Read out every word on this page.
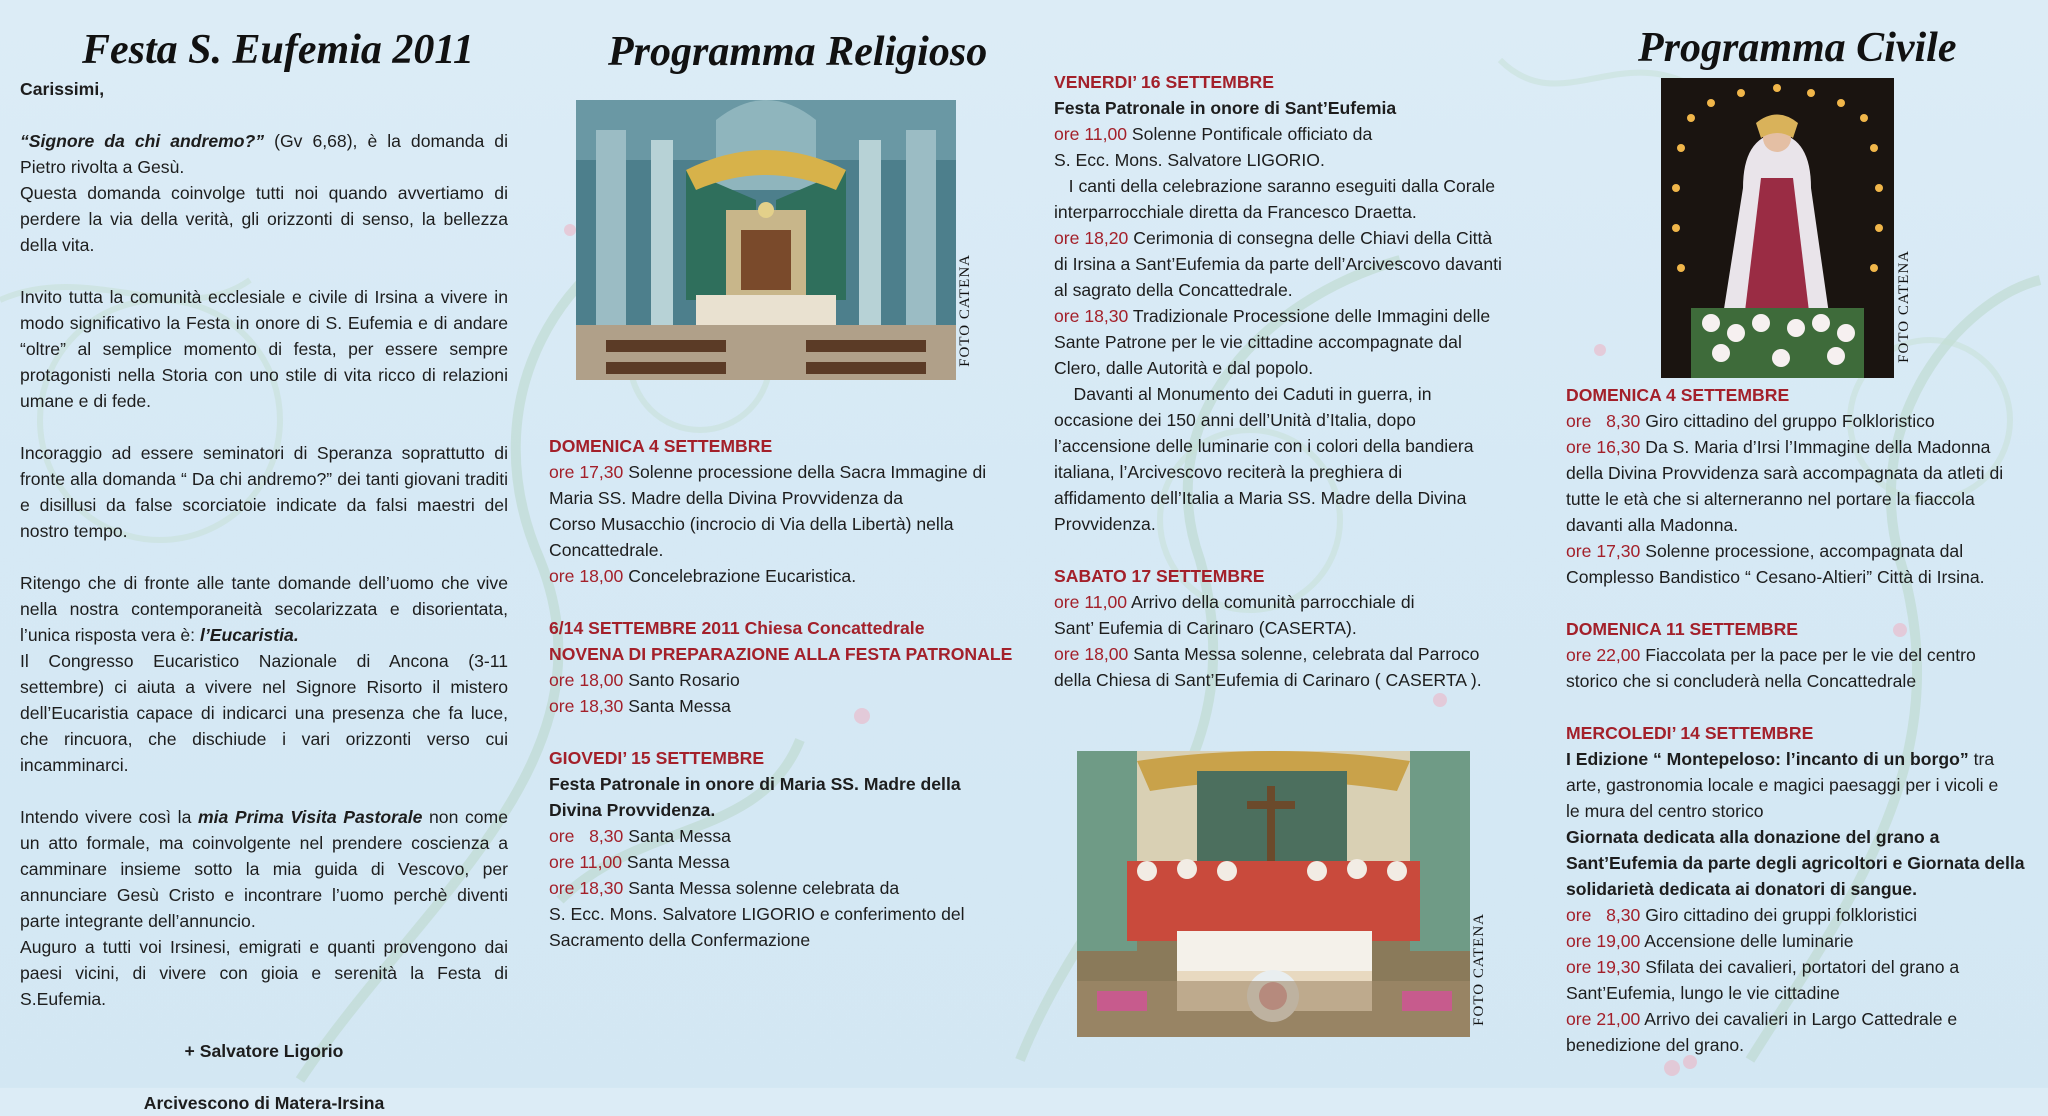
Festa S. Eufemia 2011

Carissimi,

“Signore da chi andremo?” (Gv 6,68), è la domanda di Pietro rivolta a Gesù.

Questa domanda coinvolge tutti noi quando avvertiamo di perdere la via della verità, gli orizzonti di senso, la bellezza della vita.

Invito tutta la comunità ecclesiale e civile di Irsina a vivere in modo significativo la Festa in onore di S. Eufemia e di andare “oltre” al semplice momento di festa, per essere sempre protagonisti nella Storia con uno stile di vita ricco di relazioni umane e di fede.

Incoraggio ad essere seminatori di Speranza soprattutto di fronte alla domanda “ Da chi andremo?” dei tanti giovani traditi e disillusi da false scorciatoie indicate da falsi maestri del nostro tempo.

Ritengo che di fronte alle tante domande dell’uomo che vive nella nostra contemporaneità secolarizzata e disorientata, l’unica risposta vera è: l’Eucaristia.

Il Congresso Eucaristico Nazionale di Ancona (3-11 settembre) ci aiuta a vivere nel Signore Risorto il mistero dell’Eucaristia capace di indicarci una presenza che fa luce, che rincuora, che dischiude i vari orizzonti verso cui incamminarci.

Intendo vivere così la mia Prima Visita Pastorale non come un atto formale, ma coinvolgente nel prendere coscienza a camminare insieme sotto la mia guida di Vescovo, per annunciare Gesù Cristo e incontrare l’uomo perchè diventi parte integrante dell’annuncio.

Auguro a tutti voi Irsinesi, emigrati e quanti provengono dai paesi vicini, di vivere con gioia e serenità la Festa di S.Eufemia.

+ Salvatore Ligorio

Arcivescono di Matera-Irsina

Programma Religioso
FOTO CATENA

DOMENICA 4 SETTEMBRE

ore 17,30 Solenne processione della Sacra Immagine di

Maria SS. Madre della Divina Provvidenza da

Corso Musacchio (incrocio di Via della Libertà) nella

Concattedrale.

ore 18,00 Concelebrazione Eucaristica.

6/14 SETTEMBRE 2011 Chiesa Concattedrale

NOVENA DI PREPARAZIONE ALLA FESTA PATRONALE

ore 18,00 Santo Rosario

ore 18,30 Santa Messa

GIOVEDI’ 15 SETTEMBRE

Festa Patronale in onore di Maria SS. Madre della

Divina Provvidenza.

ore   8,30 Santa Messa

ore 11,00 Santa Messa

ore 18,30 Santa Messa solenne celebrata da

S. Ecc. Mons. Salvatore LIGORIO e conferimento del

Sacramento della Confermazione

VENERDI’ 16 SETTEMBRE

Festa Patronale in onore di Sant’Eufemia

ore 11,00 Solenne Pontificale officiato da

S. Ecc. Mons. Salvatore LIGORIO.

I canti della celebrazione saranno eseguiti dalla Corale

interparrocchiale diretta da Francesco Draetta.

ore 18,20 Cerimonia di consegna delle Chiavi della Città

di Irsina a Sant’Eufemia da parte dell’Arcivescovo davanti

al sagrato della Concattedrale.

ore 18,30 Tradizionale Processione delle Immagini delle

Sante Patrone per le vie cittadine accompagnate dal

Clero, dalle Autorità e dal popolo.

Davanti al Monumento dei Caduti in guerra, in

occasione dei 150 anni dell’Unità d’Italia, dopo

l’accensione delle luminarie con i colori della bandiera

italiana, l’Arcivescovo reciterà la preghiera di

affidamento dell’Italia a Maria SS. Madre della Divina

Provvidenza.

SABATO 17 SETTEMBRE

ore 11,00 Arrivo della comunità parrocchiale di

Sant’ Eufemia di Carinaro (CASERTA).

ore 18,00 Santa Messa solenne, celebrata dal Parroco

della Chiesa di Sant’Eufemia di Carinaro ( CASERTA ).

FOTO CATENA
Programma Civile
FOTO CATENA

DOMENICA 4 SETTEMBRE

ore   8,30 Giro cittadino del gruppo Folkloristico

ore 16,30 Da S. Maria d’Irsi l’Immagine della Madonna

della Divina Provvidenza sarà accompagnata da atleti di

tutte le età che si alterneranno nel portare la fiaccola

davanti alla Madonna.

ore 17,30 Solenne processione, accompagnata dal

Complesso Bandistico “ Cesano-Altieri” Città di Irsina.

DOMENICA 11 SETTEMBRE

ore 22,00 Fiaccolata per la pace per le vie del centro

storico che si concluderà nella Concattedrale

MERCOLEDI’ 14 SETTEMBRE

I Edizione “ Montepeloso: l’incanto di un borgo” tra

arte, gastronomia locale e magici paesaggi per i vicoli e

le mura del centro storico

Giornata dedicata alla donazione del grano a

Sant’Eufemia da parte degli agricoltori e Giornata della

solidarietà dedicata ai donatori di sangue.

ore   8,30 Giro cittadino dei gruppi folkloristici

ore 19,00 Accensione delle luminarie

ore 19,30 Sfilata dei cavalieri, portatori del grano a

Sant’Eufemia, lungo le vie cittadine

ore 21,00 Arrivo dei cavalieri in Largo Cattedrale e

benedizione del grano.
